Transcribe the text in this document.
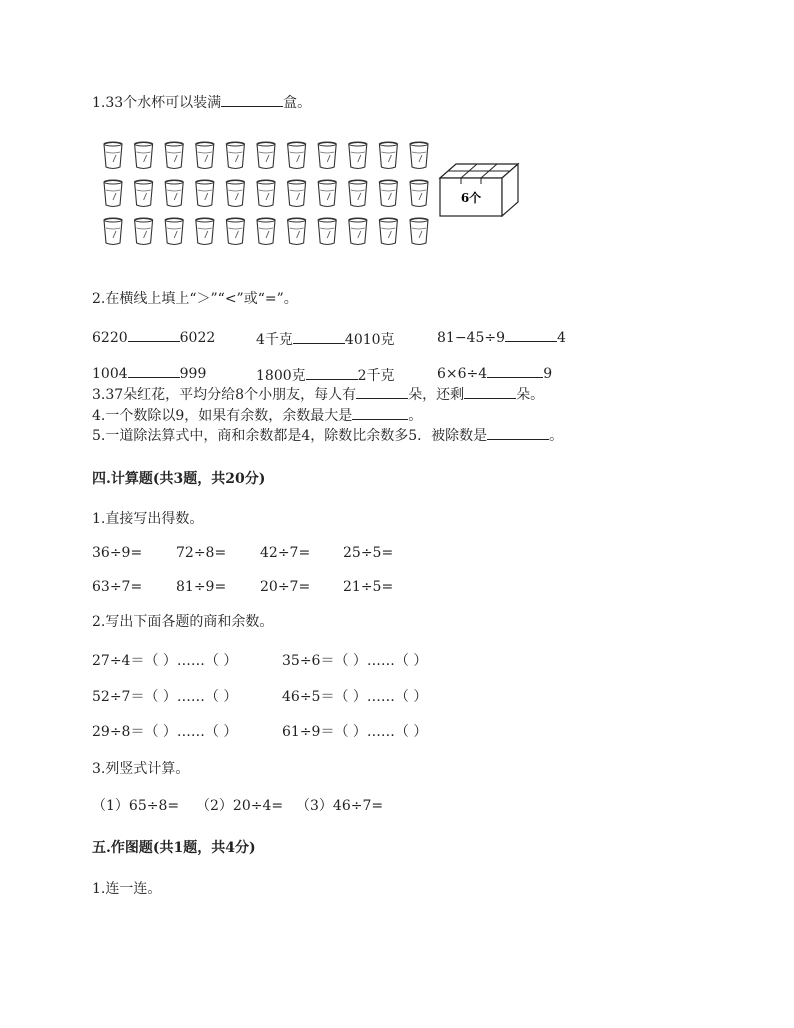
1.33个水杯可以装满	盒。
6个
2.在横线上填上“＞”“<”或“=”。
6220	6022	4千克	4010克	81−45÷9	4
1004	999	1800克	2千克	6×6÷4	9
3.37朵红花，平均分给8个小朋友，每人有	朵，还剩	朵。
4.一个数除以9，如果有余数，余数最大是	。
5.一道除法算式中，商和余数都是4，除数比余数多5．被除数是	。
四.计算题(共3题，共20分)
1.直接写出得数。
36÷9= 72÷8= 42÷7= 25÷5=
63÷7= 81÷9= 20÷7= 21÷5=
2.写出下面各题的商和余数。
27÷4＝（ ）……（ ）	35÷6＝（ ）……（ ）
52÷7＝（ ）……（ ）	46÷5＝（ ）……（ ）
29÷8＝（ ）……（ ）	61÷9＝（ ）……（ ）
3.列竖式计算。
（1）65÷8= （2）20÷4= （3）46÷7=
五.作图题(共1题，共4分)
1.连一连。
